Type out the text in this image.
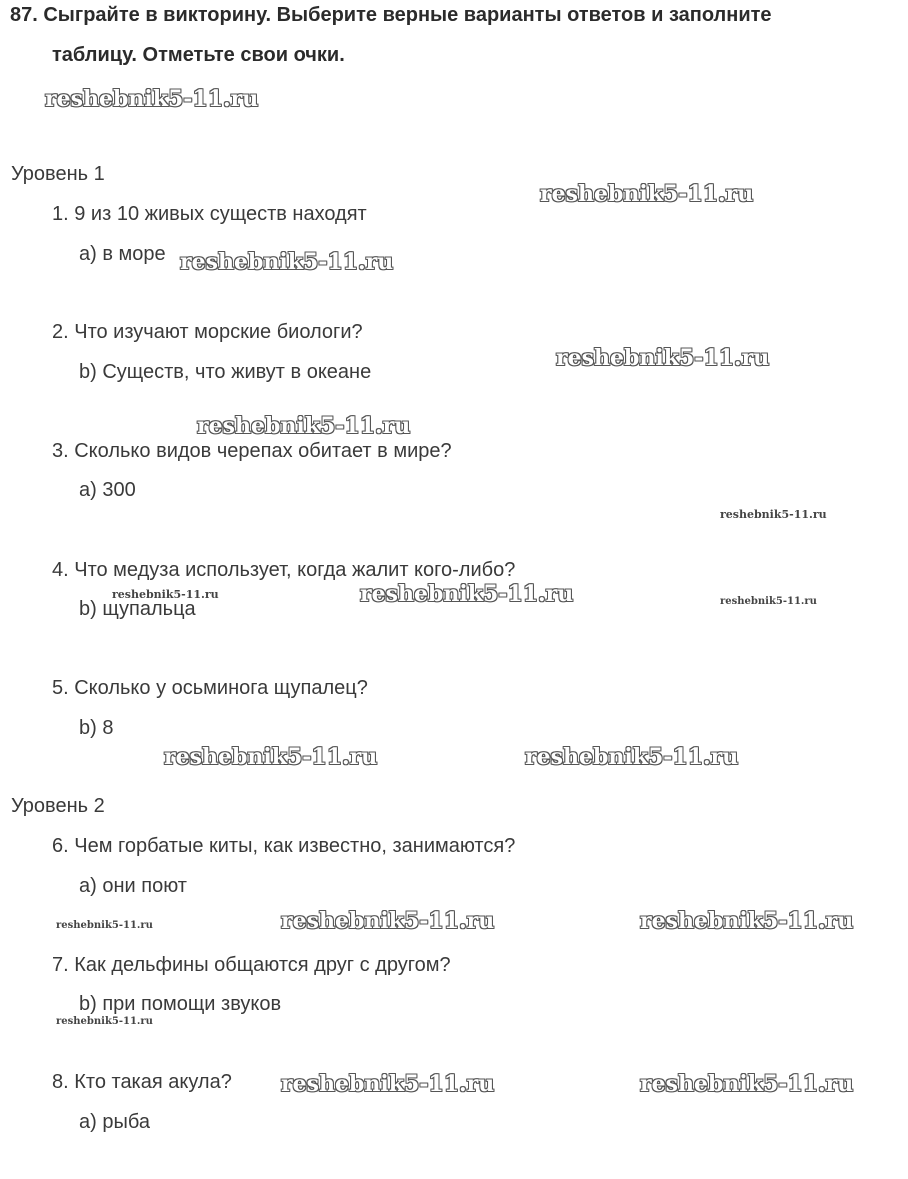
87. Сыграйте в викторину. Выберите верные варианты ответов и заполните
таблицу. Отметьте свои очки.
Уровень 1
1. 9 из 10 живых существ находят
a) в море
2. Что изучают морские биологи?
b) Существ, что живут в океане
3. Сколько видов черепах обитает в мире?
a) 300
4. Что медуза использует, когда жалит кого-либо?
b) щупальца
5. Сколько у осьминога щупалец?
b) 8
Уровень 2
6. Чем горбатые киты, как известно, занимаются?
a) они поют
7. Как дельфины общаются друг с другом?
b) при помощи звуков
8. Кто такая акула?
a) рыба
reshebnik5-11.ru
reshebnik5-11.ru
reshebnik5-11.ru
reshebnik5-11.ru
reshebnik5-11.ru
reshebnik5-11.ru
reshebnik5-11.ru	reshebnik5-11.ru
reshebnik5-11.ru	reshebnik5-11.ru
reshebnik5-11.ru	reshebnik5-11.ru
reshebnik5-11.ru
reshebnik5-11.ru
reshebnik5-11.ru
reshebnik5-11.ru
reshebnik5-11.ru
